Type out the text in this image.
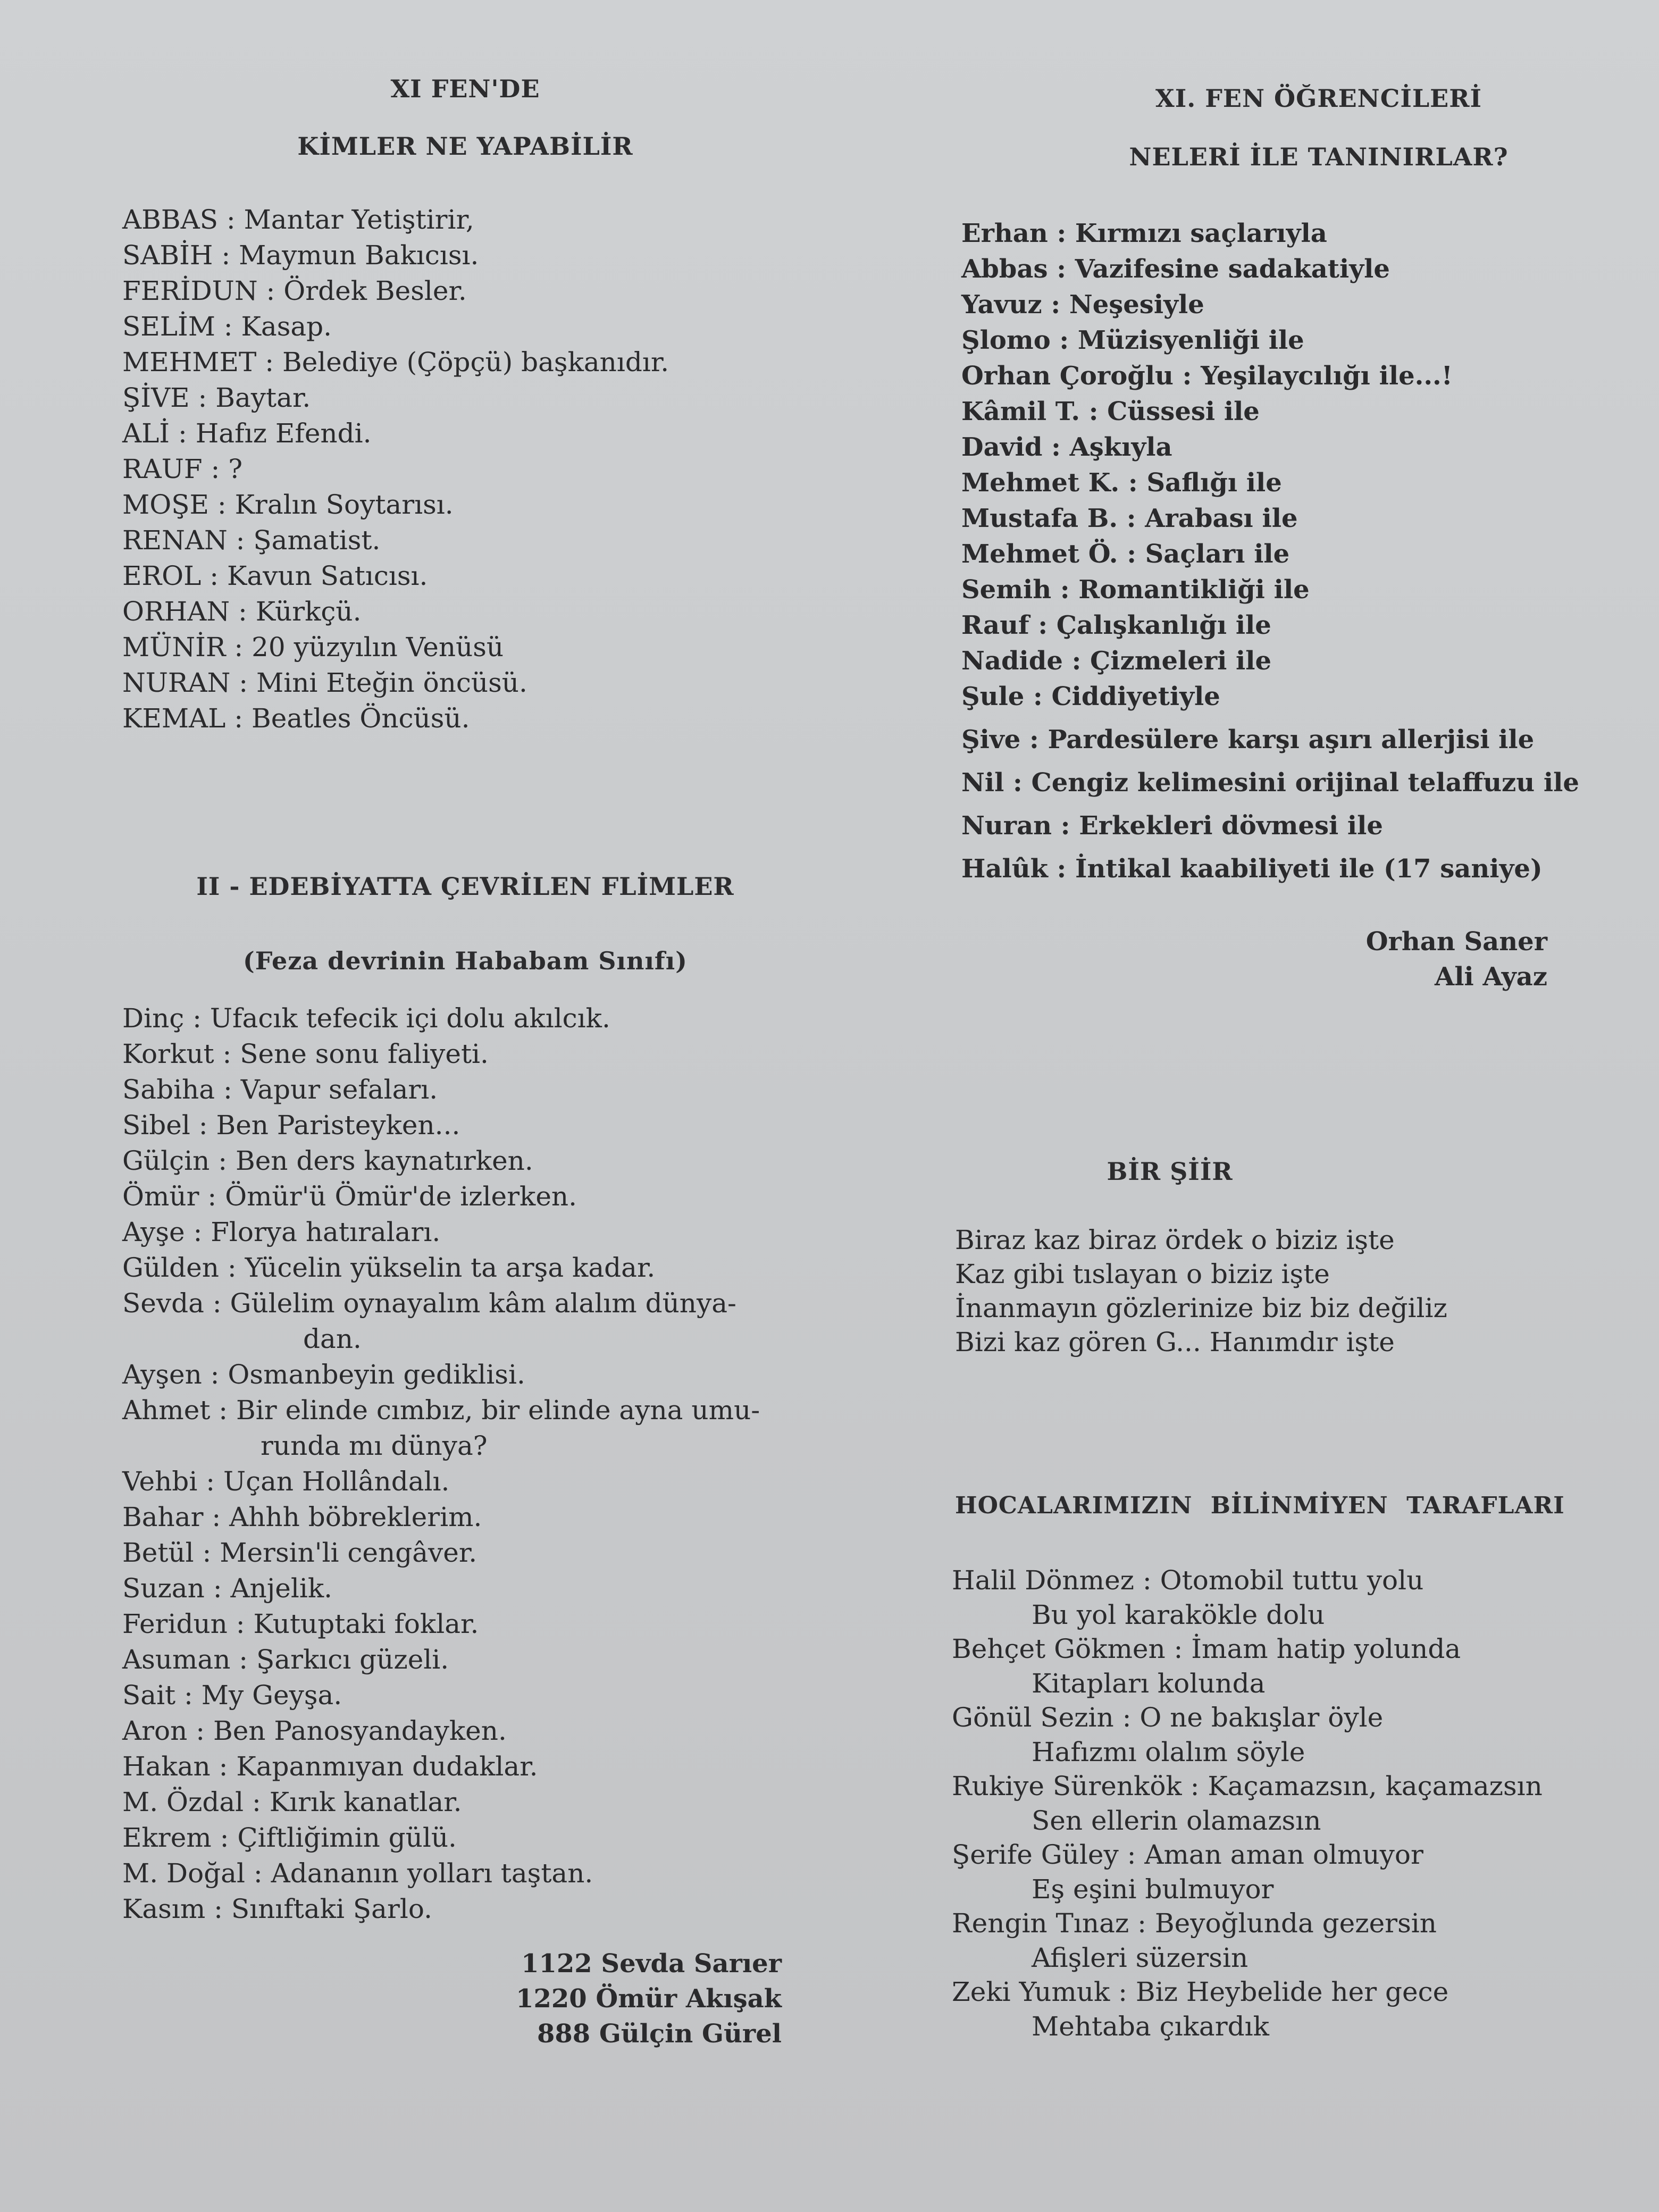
XI FEN'DE

KİMLER NE YAPABİLİR

ABBAS : Mantar Yetiştirir,
SABİH : Maymun Bakıcısı.
FERİDUN : Ördek Besler.
SELİM : Kasap.
MEHMET : Belediye (Çöpçü) başkanıdır.
ŞİVE : Baytar.
ALİ : Hafız Efendi.
RAUF : ?
MOŞE : Kralın Soytarısı.
RENAN : Şamatist.
EROL : Kavun Satıcısı.
ORHAN : Kürkçü.
MÜNİR : 20 yüzyılın Venüsü
NURAN : Mini Eteğin öncüsü.
KEMAL : Beatles Öncüsü.

II - EDEBİYATTA ÇEVRİLEN FLİMLER

(Feza devrinin Hababam Sınıfı)

Dinç : Ufacık tefecik içi dolu akılcık.
Korkut : Sene sonu faliyeti.
Sabiha : Vapur sefaları.
Sibel : Ben Paristeyken...
Gülçin : Ben ders kaynatırken.
Ömür : Ömür'ü Ömür'de izlerken.
Ayşe : Florya hatıraları.
Gülden : Yücelin yükselin ta arşa kadar.
Sevda : Gülelim oynayalım kâm alalım dünya-
dan.
Ayşen : Osmanbeyin gediklisi.
Ahmet : Bir elinde cımbız, bir elinde ayna umu-
runda mı dünya?
Vehbi : Uçan Hollândalı.
Bahar : Ahhh böbreklerim.
Betül : Mersin'li cengâver.
Suzan : Anjelik.
Feridun : Kutuptaki foklar.
Asuman : Şarkıcı güzeli.
Sait : My Geyşa.
Aron : Ben Panosyandayken.
Hakan : Kapanmıyan dudaklar.
M. Özdal : Kırık kanatlar.
Ekrem : Çiftliğimin gülü.
M. Doğal : Adananın yolları taştan.
Kasım : Sınıftaki Şarlo.
1122 Sevda Sarıer
1220 Ömür Akışak
888 Gülçin Gürel

XI. FEN ÖĞRENCİLERİ

NELERİ İLE TANINIRLAR?

Erhan : Kırmızı saçlarıyla
Abbas : Vazifesine sadakatiyle
Yavuz : Neşesiyle
Şlomo : Müzisyenliği ile
Orhan Çoroğlu : Yeşilaycılığı ile...!
Kâmil T. : Cüssesi ile
David : Aşkıyla
Mehmet K. : Saflığı ile
Mustafa B. : Arabası ile
Mehmet Ö. : Saçları ile
Semih : Romantikliği ile
Rauf : Çalışkanlığı ile
Nadide : Çizmeleri ile
Şule : Ciddiyetiyle
Şive : Pardesülere karşı aşırı allerjisi ile
Nil : Cengiz kelimesini orijinal telaffuzu ile
Nuran : Erkekleri dövmesi ile
Halûk : İntikal kaabiliyeti ile (17 saniye)
Orhan Saner
Ali Ayaz

BİR ŞİİR

Biraz kaz biraz ördek o biziz işte
Kaz gibi tıslayan o biziz işte
İnanmayın gözlerinize biz biz değiliz
Bizi kaz gören G... Hanımdır işte

HOCALARIMIZIN BİLİNMİYEN TARAFLARI

Halil Dönmez : Otomobil tuttu yolu
Bu yol karakökle dolu
Behçet Gökmen : İmam hatip yolunda
Kitapları kolunda
Gönül Sezin : O ne bakışlar öyle
Hafızmı olalım söyle
Rukiye Sürenkök : Kaçamazsın, kaçamazsın
Sen ellerin olamazsın
Şerife Güley : Aman aman olmuyor
Eş eşini bulmuyor
Rengin Tınaz : Beyoğlunda gezersin
Afişleri süzersin
Zeki Yumuk : Biz Heybelide her gece
Mehtaba çıkardık
